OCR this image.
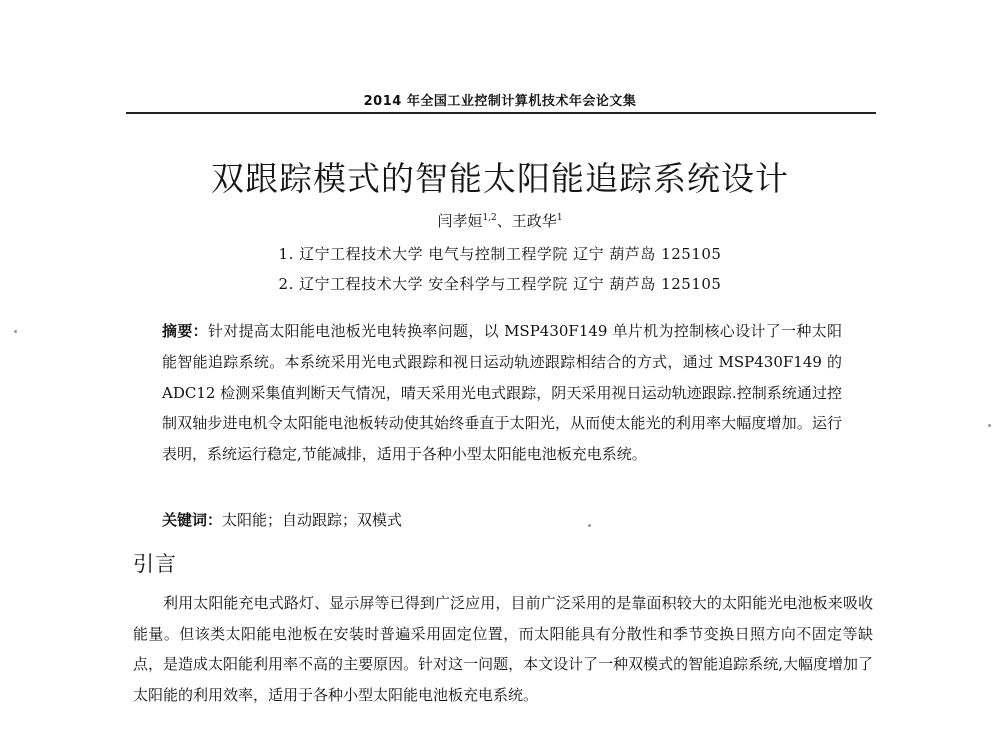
2014 年全国工业控制计算机技术年会论文集
双跟踪模式的智能太阳能追踪系统设计
闫孝姮$^{1,2}$、王政华$^1$
1. 辽宁工程技术大学 电气与控制工程学院 辽宁 葫芦岛 125105
2. 辽宁工程技术大学 安全科学与工程学院 辽宁 葫芦岛 125105
摘要：针对提高太阳能电池板光电转换率问题，以 MSP430F149 单片机为控制核心设计了一种太阳能智能追踪系统。本系统采用光电式跟踪和视日运动轨迹跟踪相结合的方式，通过 MSP430F149 的 ADC12 检测采集值判断天气情况，晴天采用光电式跟踪，阴天采用视日运动轨迹跟踪.控制系统通过控制双轴步进电机令太阳能电池板转动使其始终垂直于太阳光，从而使太能光的利用率大幅度增加。运行表明，系统运行稳定,节能减排，适用于各种小型太阳能电池板充电系统。
关键词：太阳能；自动跟踪；双模式
引言
利用太阳能充电式路灯、显示屏等已得到广泛应用，目前广泛采用的是靠面积较大的太阳能光电池板来吸收能量。但该类太阳能电池板在安装时普遍采用固定位置，而太阳能具有分散性和季节变换日照方向不固定等缺点，是造成太阳能利用率不高的主要原因。针对这一问题，本文设计了一种双模式的智能追踪系统,大幅度增加了太阳能的利用效率，适用于各种小型太阳能电池板充电系统。
